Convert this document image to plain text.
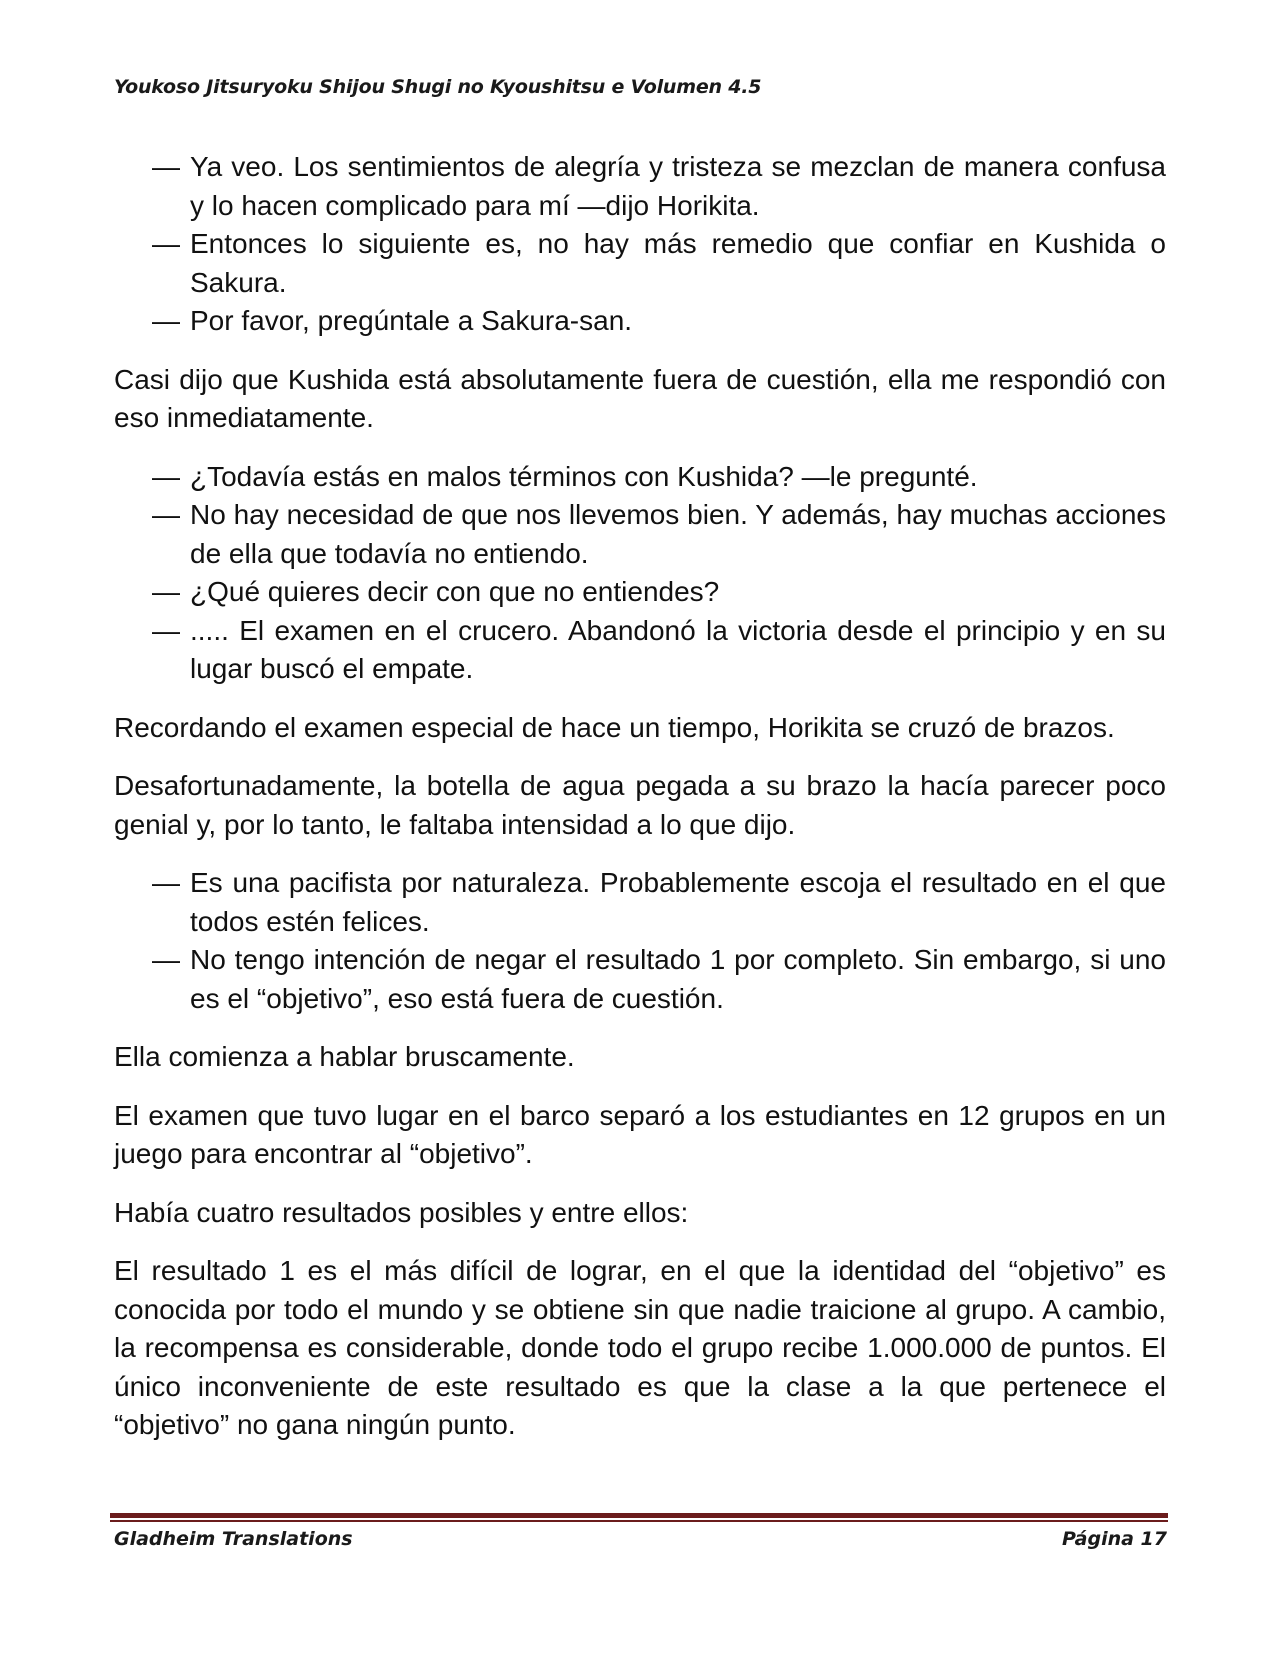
Youkoso Jitsuryoku Shijou Shugi no Kyoushitsu e Volumen 4.5
— Ya veo. Los sentimientos de alegría y tristeza se mezclan de manera confusa y lo hacen complicado para mí —dijo Horikita.
— Entonces lo siguiente es, no hay más remedio que confiar en Kushida o Sakura.
— Por favor, pregúntale a Sakura-san.

Casi dijo que Kushida está absolutamente fuera de cuestión, ella me respondió con eso inmediatamente.

— ¿Todavía estás en malos términos con Kushida? —le pregunté.
— No hay necesidad de que nos llevemos bien. Y además, hay muchas acciones de ella que todavía no entiendo.
— ¿Qué quieres decir con que no entiendes?
— ..... El examen en el crucero. Abandonó la victoria desde el principio y en su lugar buscó el empate.

Recordando el examen especial de hace un tiempo, Horikita se cruzó de brazos.

Desafortunadamente, la botella de agua pegada a su brazo la hacía parecer poco genial y, por lo tanto, le faltaba intensidad a lo que dijo.

— Es una pacifista por naturaleza. Probablemente escoja el resultado en el que todos estén felices.
— No tengo intención de negar el resultado 1 por completo. Sin embargo, si uno es el “objetivo”, eso está fuera de cuestión.

Ella comienza a hablar bruscamente.

El examen que tuvo lugar en el barco separó a los estudiantes en 12 grupos en un juego para encontrar al “objetivo”.

Había cuatro resultados posibles y entre ellos:

El resultado 1 es el más difícil de lograr, en el que la identidad del “objetivo” es conocida por todo el mundo y se obtiene sin que nadie traicione al grupo. A cambio, la recompensa es considerable, donde todo el grupo recibe 1.000.000 de puntos. El único inconveniente de este resultado es que la clase a la que pertenece el “objetivo” no gana ningún punto.

Gladheim Translations	Página 17
